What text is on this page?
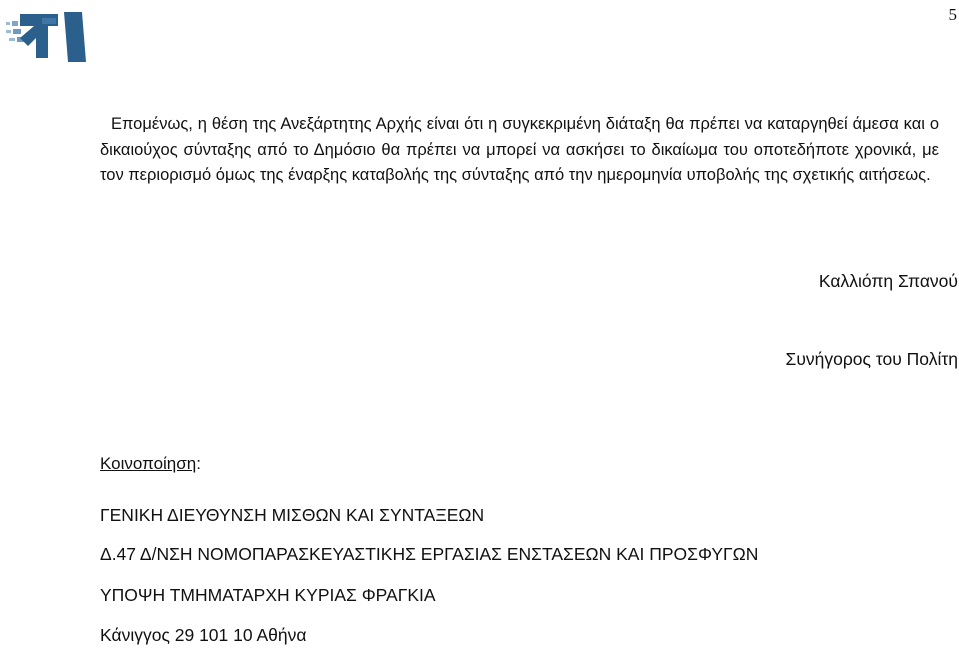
5

Επομένως, η θέση της Ανεξάρτητης Αρχής είναι ότι η συγκεκριμένη διάταξη θα πρέπει να καταργηθεί άμεσα και ο δικαιούχος σύνταξης από το Δημόσιο θα πρέπει να μπορεί να ασκήσει το δικαίωμα του οποτεδήποτε χρονικά, με τον περιορισμό όμως της έναρξης καταβολής της σύνταξης από την ημερομηνία υποβολής της σχετικής αιτήσεως.

Καλλιόπη Σπανού

Συνήγορος του Πολίτη

Κοινοποίηση:

ΓΕΝΙΚΗ ΔΙΕΥΘΥΝΣΗ ΜΙΣΘΩΝ ΚΑΙ ΣΥΝΤΑΞΕΩΝ

Δ.47 Δ/ΝΣΗ ΝΟΜΟΠΑΡΑΣΚΕΥΑΣΤΙΚΗΣ ΕΡΓΑΣΙΑΣ ΕΝΣΤΑΣΕΩΝ ΚΑΙ ΠΡΟΣΦΥΓΩΝ

ΥΠΟΨΗ ΤΜΗΜΑΤΑΡΧΗ ΚΥΡΙΑΣ ΦΡΑΓΚΙΑ

Κάνιγγος 29 101 10 Αθήνα
